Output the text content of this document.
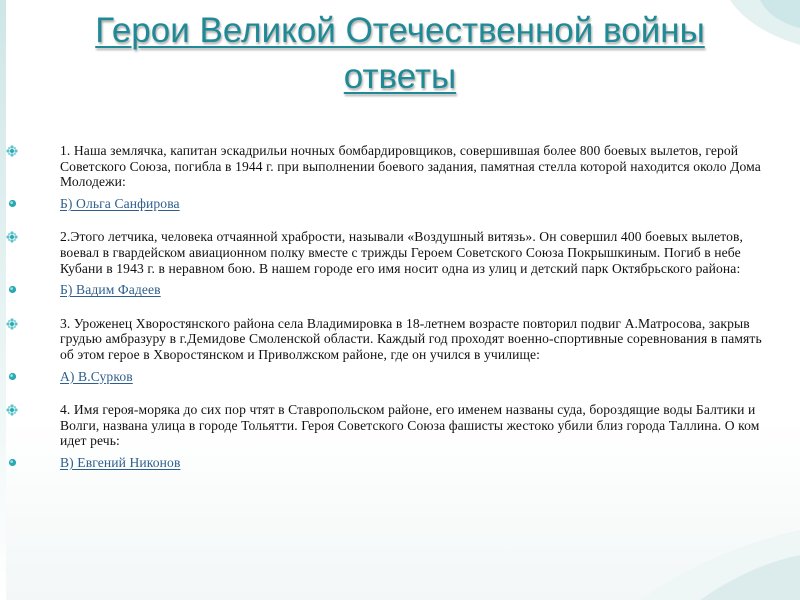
Герои Великой Отечественной войны
ответы
1. Наша землячка, капитан эскадрильи ночных бомбардировщиков, совершившая более 800 боевых вылетов, герой Советского Союза, погибла в 1944 г. при выполнении боевого задания, памятная стелла которой находится около Дома Молодежи:
Б) Ольга Санфирова
2.Этого летчика, человека отчаянной храбрости, называли «Воздушный витязь». Он совершил 400 боевых вылетов, воевал в гвардейском авиационном полку вместе с трижды Героем Советского Союза Покрышкиным. Погиб в небе Кубани в 1943 г. в неравном бою. В нашем городе его имя носит одна из улиц и детский парк Октябрьского района:
Б) Вадим Фадеев
3. Уроженец Хворостянского района села Владимировка в 18-летнем возрасте повторил подвиг А.Матросова, закрыв грудью амбразуру в г.Демидове Смоленской области. Каждый год проходят военно-спортивные соревнования в память об этом герое в Хворостянском и Приволжском районе, где он учился в училище:
А) В.Сурков
4. Имя героя-моряка до сих пор чтят в Ставропольском районе, его именем названы суда, бороздящие воды Балтики и Волги, названа улица в городе Тольятти. Героя Советского Союза фашисты жестоко убили близ города Таллина. О ком идет речь:
В) Евгений Никонов
